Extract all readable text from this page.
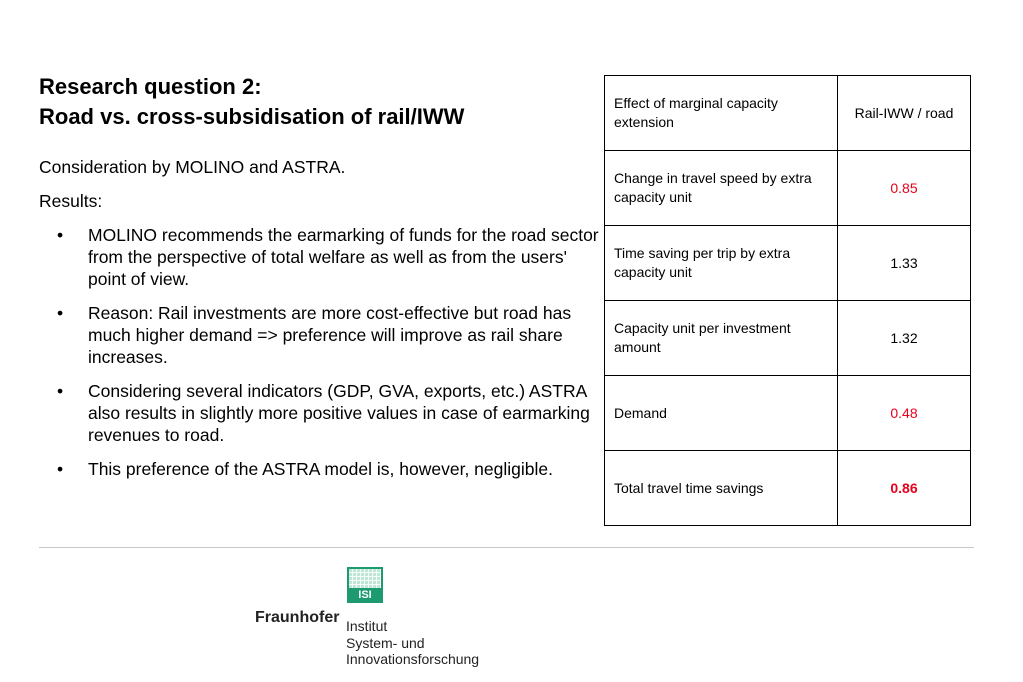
Research question 2:
Road vs. cross-subsidisation of rail/IWW

Consideration by MOLINO and ASTRA.

Results:

• MOLINO recommends the earmarking of funds for the road sector from the perspective of total welfare as well as from the users' point of view.
• Reason: Rail investments are more cost-effective but road has much higher demand => preference will improve as rail share increases.
• Considering several indicators (GDP, GVA, exports, etc.) ASTRA also results in slightly more positive values in case of earmarking revenues to road.
• This preference of the ASTRA model is, however, negligible.
Effect of marginal capacity extension	Rail-IWW / road
Change in travel speed by extra capacity unit	0.85
Time saving per trip by extra capacity unit	1.33
Capacity unit per investment amount	1.32
Demand	0.48
Total travel time savings	0.86
ISI
Fraunhofer Institut
System- und
Innovationsforschung
